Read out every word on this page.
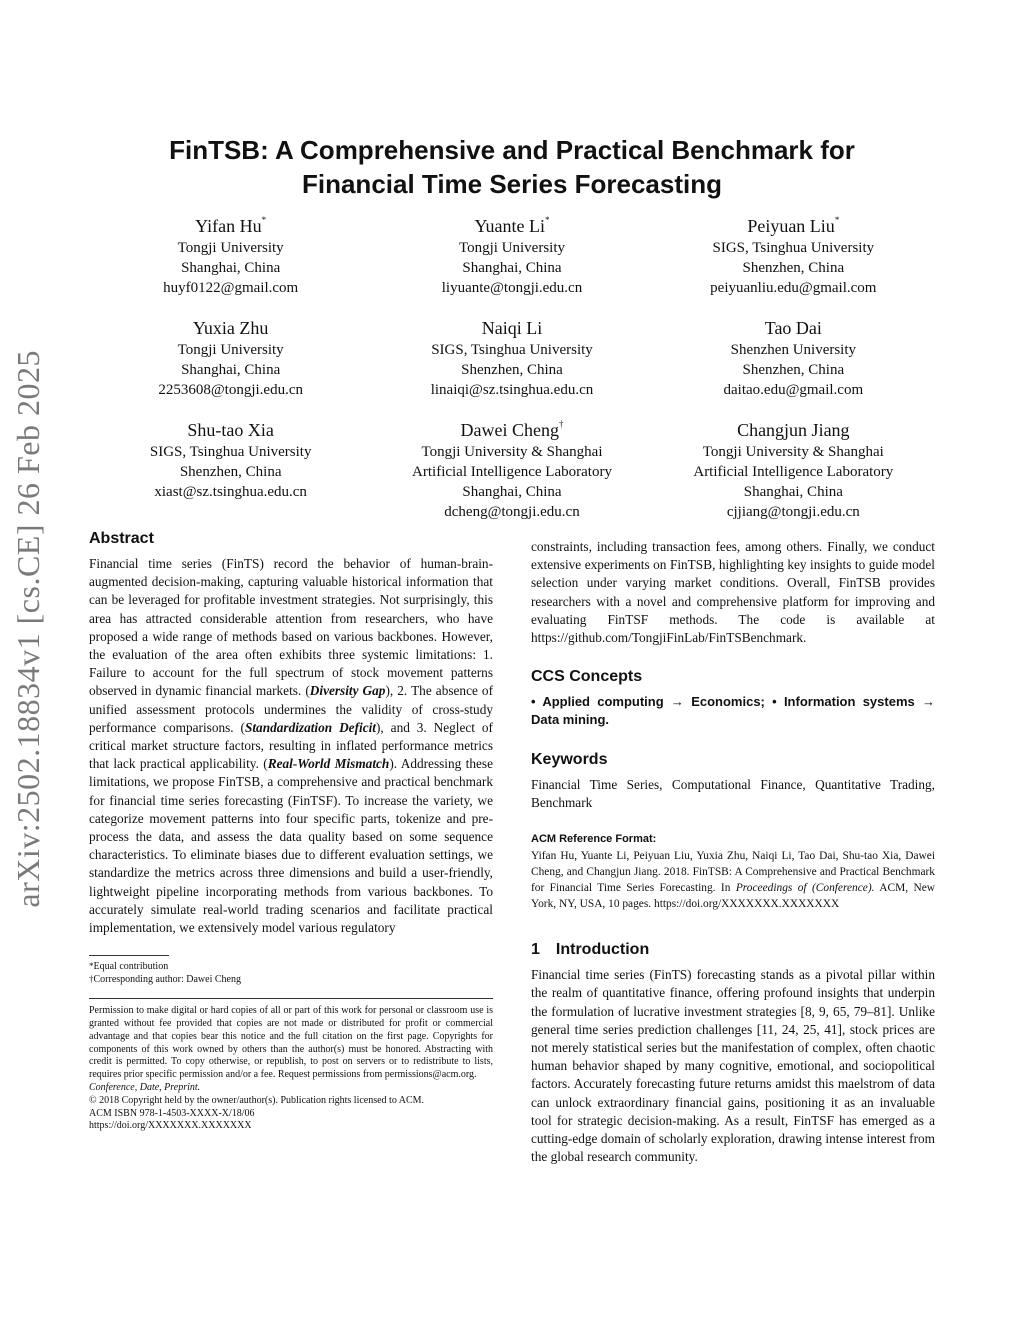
arXiv:2502.18834v1 [cs.CE] 26 Feb 2025
FinTSB: A Comprehensive and Practical Benchmark for
Financial Time Series Forecasting
Yifan Hu*
Tongji University
Shanghai, China
huyf0122@gmail.com
Yuante Li*
Tongji University
Shanghai, China
liyuante@tongji.edu.cn
Peiyuan Liu*
SIGS, Tsinghua University
Shenzhen, China
peiyuanliu.edu@gmail.com
Yuxia Zhu
Tongji University
Shanghai, China
2253608@tongji.edu.cn
Naiqi Li
SIGS, Tsinghua University
Shenzhen, China
linaiqi@sz.tsinghua.edu.cn
Tao Dai
Shenzhen University
Shenzhen, China
daitao.edu@gmail.com
Shu-tao Xia
SIGS, Tsinghua University
Shenzhen, China
xiast@sz.tsinghua.edu.cn
Dawei Cheng†
Tongji University & Shanghai
Artificial Intelligence Laboratory
Shanghai, China
dcheng@tongji.edu.cn
Changjun Jiang
Tongji University & Shanghai
Artificial Intelligence Laboratory
Shanghai, China
cjjiang@tongji.edu.cn
Abstract

Financial time series (FinTS) record the behavior of human-brain-augmented decision-making, capturing valuable historical information that can be leveraged for profitable investment strategies. Not surprisingly, this area has attracted considerable attention from researchers, who have proposed a wide range of methods based on various backbones. However, the evaluation of the area often exhibits three systemic limitations: 1. Failure to account for the full spectrum of stock movement patterns observed in dynamic financial markets. (Diversity Gap), 2. The absence of unified assessment protocols undermines the validity of cross-study performance comparisons. (Standardization Deficit), and 3. Neglect of critical market structure factors, resulting in inflated performance metrics that lack practical applicability. (Real-World Mismatch). Addressing these limitations, we propose FinTSB, a comprehensive and practical benchmark for financial time series forecasting (FinTSF). To increase the variety, we categorize movement patterns into four specific parts, tokenize and pre-process the data, and assess the data quality based on some sequence characteristics. To eliminate biases due to different evaluation settings, we standardize the metrics across three dimensions and build a user-friendly, lightweight pipeline incorporating methods from various backbones. To accurately simulate real-world trading scenarios and facilitate practical implementation, we extensively model various regulatory

*Equal contribution
†Corresponding author: Dawei Cheng
Permission to make digital or hard copies of all or part of this work for personal or classroom use is granted without fee provided that copies are not made or distributed for profit or commercial advantage and that copies bear this notice and the full citation on the first page. Copyrights for components of this work owned by others than the author(s) must be honored. Abstracting with credit is permitted. To copy otherwise, or republish, to post on servers or to redistribute to lists, requires prior specific permission and/or a fee. Request permissions from permissions@acm.org.
Conference, Date, Preprint.
© 2018 Copyright held by the owner/author(s). Publication rights licensed to ACM.
ACM ISBN 978-1-4503-XXXX-X/18/06
https://doi.org/XXXXXXX.XXXXXXX

constraints, including transaction fees, among others. Finally, we conduct extensive experiments on FinTSB, highlighting key insights to guide model selection under varying market conditions. Overall, FinTSB provides researchers with a novel and comprehensive platform for improving and evaluating FinTSF methods. The code is available at https://github.com/TongjiFinLab/FinTSBenchmark.

CCS Concepts
• Applied computing → Economics; • Information systems → Data mining.
Keywords

Financial Time Series, Computational Finance, Quantitative Trading, Benchmark

ACM Reference Format:
Yifan Hu, Yuante Li, Peiyuan Liu, Yuxia Zhu, Naiqi Li, Tao Dai, Shu-tao Xia, Dawei Cheng, and Changjun Jiang. 2018. FinTSB: A Comprehensive and Practical Benchmark for Financial Time Series Forecasting. In Proceedings of (Conference). ACM, New York, NY, USA, 10 pages. https://doi.org/XXXXXXX.XXXXXXX
1 Introduction

Financial time series (FinTS) forecasting stands as a pivotal pillar within the realm of quantitative finance, offering profound insights that underpin the formulation of lucrative investment strategies [8, 9, 65, 79–81]. Unlike general time series prediction challenges [11, 24, 25, 41], stock prices are not merely statistical series but the manifestation of complex, often chaotic human behavior shaped by many cognitive, emotional, and sociopolitical factors. Accurately forecasting future returns amidst this maelstrom of data can unlock extraordinary financial gains, positioning it as an invaluable tool for strategic decision-making. As a result, FinTSF has emerged as a cutting-edge domain of scholarly exploration, drawing intense interest from the global research community.
